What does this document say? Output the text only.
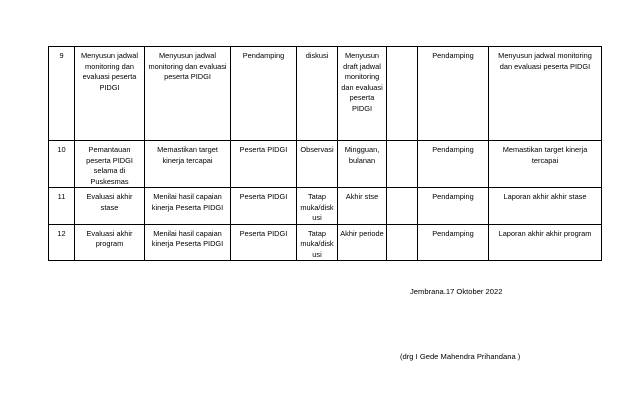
9	Menyusun jadwal monitoring dan evaluasi peserta PIDGI	Menyusun jadwal monitoring dan evaluasi peserta PIDGI	Pendamping	diskusi	Menyusun draft jadwal monitoring dan evaluasi peserta PIDGI		Pendamping	Menyusun jadwal monitoring dan evaluasi peserta PIDGI
10	Pemantauan peserta PIDGI selama di Puskesmas	Memastikan target kinerja tercapai	Peserta PIDGI	Observasi	Mingguan, bulanan		Pendamping	Memastikan target kinerja tercapai
11	Evaluasi akhir stase	Menilai hasil capaian kinerja Peserta PIDGI	Peserta PIDGI	Tatap muka/disk usi	Akhir stse		Pendamping	Laporan akhir akhir stase
12	Evaluasi akhir program	Menilai hasil capaian kinerja Peserta PIDGI	Peserta PIDGI	Tatap muka/disk usi	Akhir periode		Pendamping	Laporan akhir akhir program
Jembrana.17 Oktober 2022
(drg I Gede Mahendra Prihandana )
